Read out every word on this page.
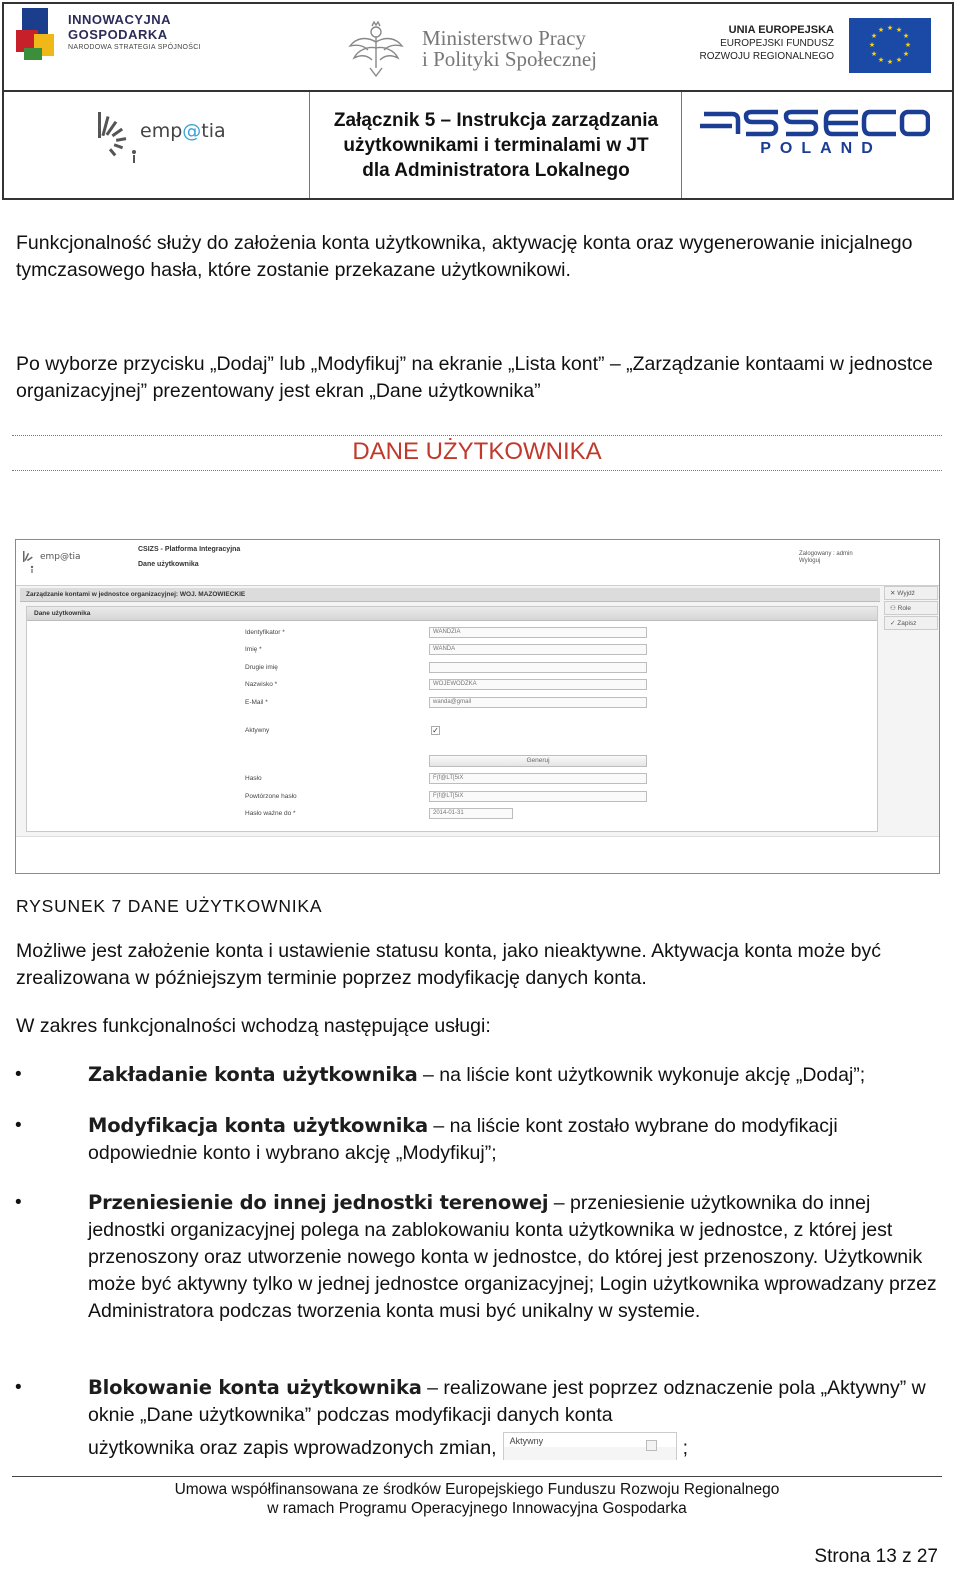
INNOWACYJNA
GOSPODARKA
NARODOWA STRATEGIA SPÓJNOŚCI	Ministerstwo Pracy
i Polityki Społecznej
UNIA EUROPEJSKA
EUROPEJSKI FUNDUSZ
ROZWOJU REGIONALNEGO
★ ★
★
★
★
★
★
★
★
★
★
★
emp@tia	Załącznik 5 – Instrukcja zarządzania
użytkownikami i terminalami w JT
dla Administratora Lokalnego
POLAND
Funkcjonalność służy do założenia konta użytkownika, aktywację konta oraz wygenerowanie inicjalnego tymczasowego hasła, które zostanie przekazane użytkownikowi.
Po wyborze przycisku „Dodaj” lub „Modyfikuj” na ekranie „Lista kont” – „Zarządzanie kontaami w jednostce organizacyjnej” prezentowany jest ekran „Dane użytkownika”
DANE UŻYTKOWNIKA
emp@tia
CSIZS - Platforma Integracyjna
Dane użytkownika
Zalogowany : admin
Wyloguj
Zarządzanie kontami w jednostce organizacyjnej: WOJ. MAZOWIECKIE	✕ Wyjdź
⚇ Role
✓ Zapisz
Dane użytkownika
Identyfikator *	WANDZIA
Imię *	WANDA
Drugie imię
Nazwisko *	WOJEWODZKA
E-Mail *	wanda@gmail
Aktywny	✓
Generuj
Hasło	F(f@LT[5iX
Powtórzone hasło	F(f@LT[5iX
Hasło ważne do *	2014-01-31
RYSUNEK 7 DANE UŻYTKOWNIKA
Możliwe jest założenie konta i ustawienie statusu konta, jako nieaktywne. Aktywacja konta może być zrealizowana w późniejszym terminie poprzez modyfikację danych konta.
W zakres funkcjonalności wchodzą następujące usługi:
•	Zakładanie konta użytkownika – na liście kont użytkownik wykonuje akcję „Dodaj”;
•	Modyfikacja konta użytkownika – na liście kont zostało wybrane do modyfikacji odpowiednie konto i wybrano akcję „Modyfikuj”;
•	Przeniesienie do innej jednostki terenowej – przeniesienie użytkownika do innej jednostki organizacyjnej polega na zablokowaniu konta użytkownika w jednostce, z której jest przenoszony oraz utworzenie nowego konta w jednostce, do której jest przenoszony. Użytkownik może być aktywny tylko w jednej jednostce organizacyjnej; Login użytkownika wprowadzany przez Administratora podczas tworzenia konta musi być unikalny w systemie.
•	Blokowanie konta użytkownika – realizowane jest poprzez odznaczenie pola „Aktywny” w oknie „Dane użytkownika” podczas modyfikacji danych konta
użytkownika oraz zapis wprowadzonych zmian, Aktywny	;
Umowa współfinansowana ze środków Europejskiego Funduszu Rozwoju Regionalnego
w ramach Programu Operacyjnego Innowacyjna Gospodarka
Strona 13 z 27
